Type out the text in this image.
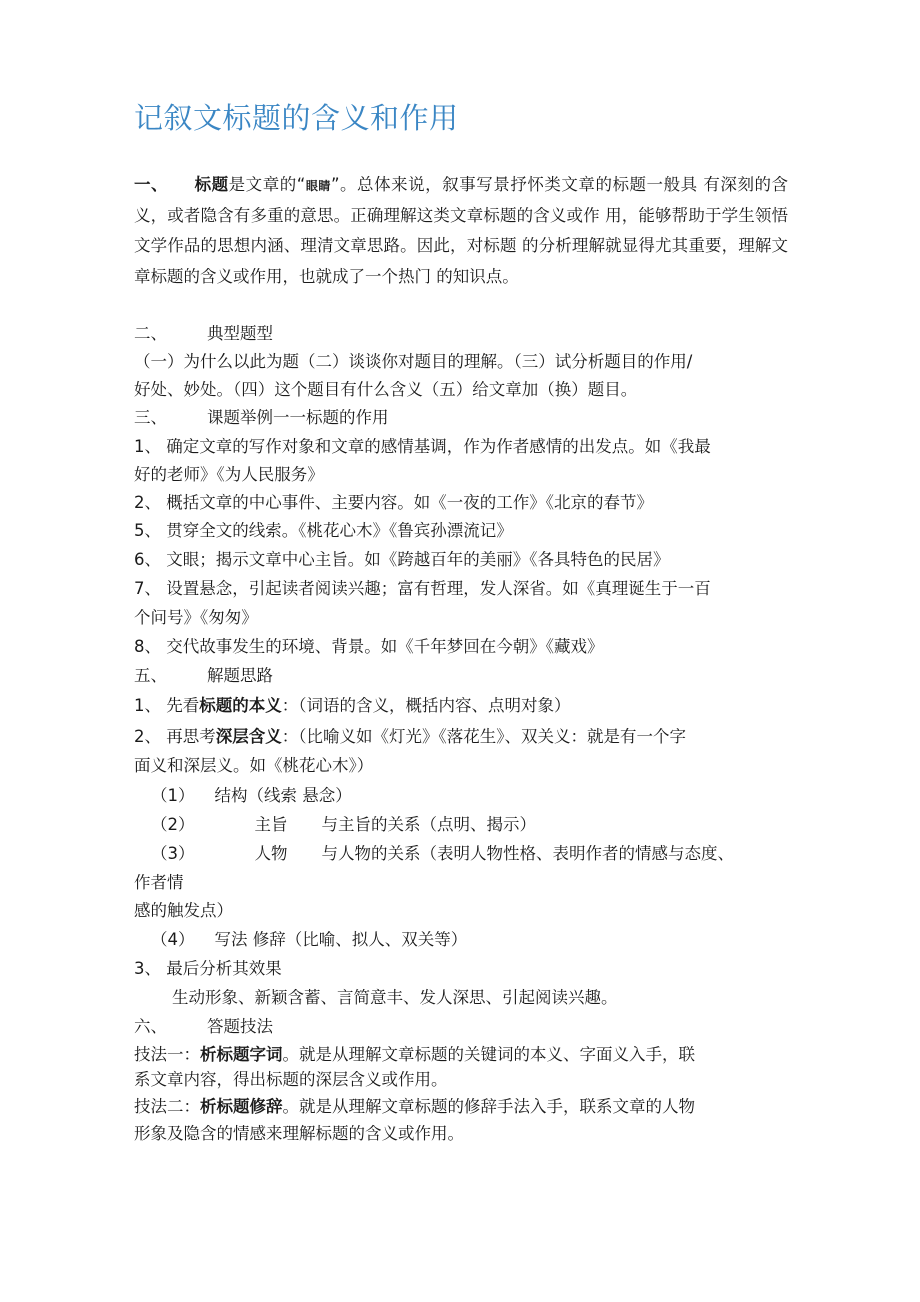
记叙文标题的含义和作用
一、 标题是文章的“眼睛”。总体来说，叙事写景抒怀类文章的标题一般具 有深刻的含义，或者隐含有多重的意思。正确理解这类文章标题的含义或作 用，能够帮助于学生领悟文学作品的思想内涵、理清文章思路。因此，对标题 的分析理解就显得尤其重要，理解文章标题的含义或作用，也就成了一个热门 的知识点。
二、 典型题型
（一）为什么以此为题（二）谈谈你对题目的理解。（三）试分析题目的作用/
好处、妙处。（四）这个题目有什么含义（五）给文章加（换）题目。
三、 课题举例一一标题的作用
1、 确定文章的写作对象和文章的感情基调，作为作者感情的出发点。如《我最
好的老师》《为人民服务》
2、 概括文章的中心事件、主要内容。如《一夜的工作》《北京的春节》
5、 贯穿全文的线索。《桃花心木》《鲁宾孙漂流记》
6、 文眼；揭示文章中心主旨。如《跨越百年的美丽》《各具特色的民居》
7、 设置悬念，引起读者阅读兴趣；富有哲理，发人深省。如《真理诞生于一百
个问号》《匆匆》
8、 交代故事发生的环境、背景。如《千年梦回在今朝》《藏戏》
五、 解题思路
1、 先看标题的本义：（词语的含义，概括内容、点明对象）
2、 再思考深层含义：（比喻义如《灯光》《落花生》、双关义：就是有一个字
面义和深层义。如《桃花心木》）
（1） 结构（线索 悬念）
（2）	主旨 与主旨的关系（点明、揭示）
（3）	人物 与人物的关系（表明人物性格、表明作者的情感与态度、
作者情
感的触发点）
（4） 写法 修辞（比喻、拟人、双关等）
3、 最后分析其效果
生动形象、新颖含蓄、言简意丰、发人深思、引起阅读兴趣。
六、 答题技法
技法一：析标题字词。就是从理解文章标题的关键词的本义、字面义入手，联
系文章内容，得出标题的深层含义或作用。
技法二：析标题修辞。就是从理解文章标题的修辞手法入手，联系文章的人物
形象及隐含的情感来理解标题的含义或作用。
